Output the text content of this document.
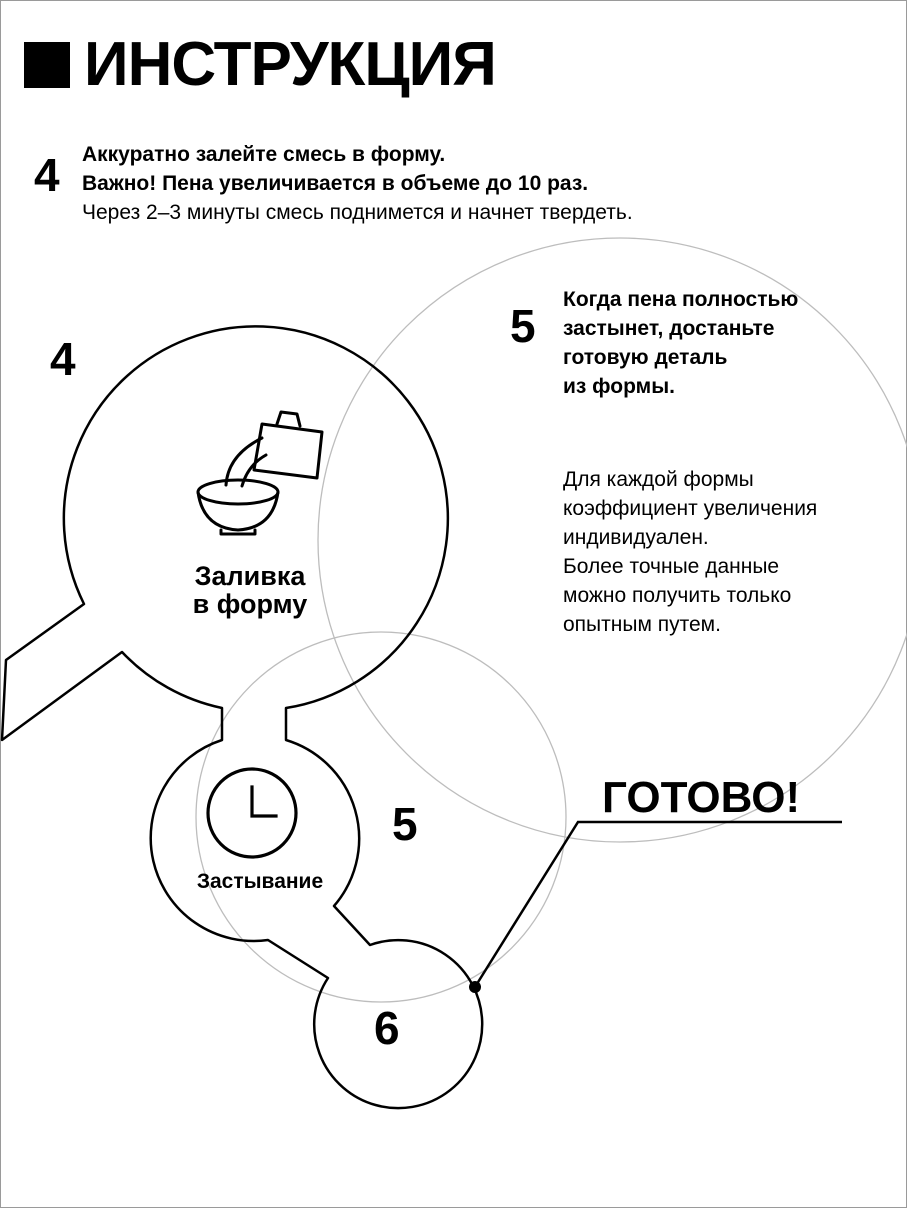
ИНСТРУКЦИЯ
4 Аккуратно залейте смесь в форму.
Важно! Пена увеличивается в объеме до 10 раз.
Через 2–3 минуты смесь поднимется и начнет твердеть.
5
Когда пена полностью
застынет, достаньте
готовую деталь
из формы.
Для каждой формы
коэффициент увеличения
индивидуален.
Более точные данные
можно получить только
опытным путем.
4
Заливка
в форму
5
Застывание
6
ГОТОВО!
